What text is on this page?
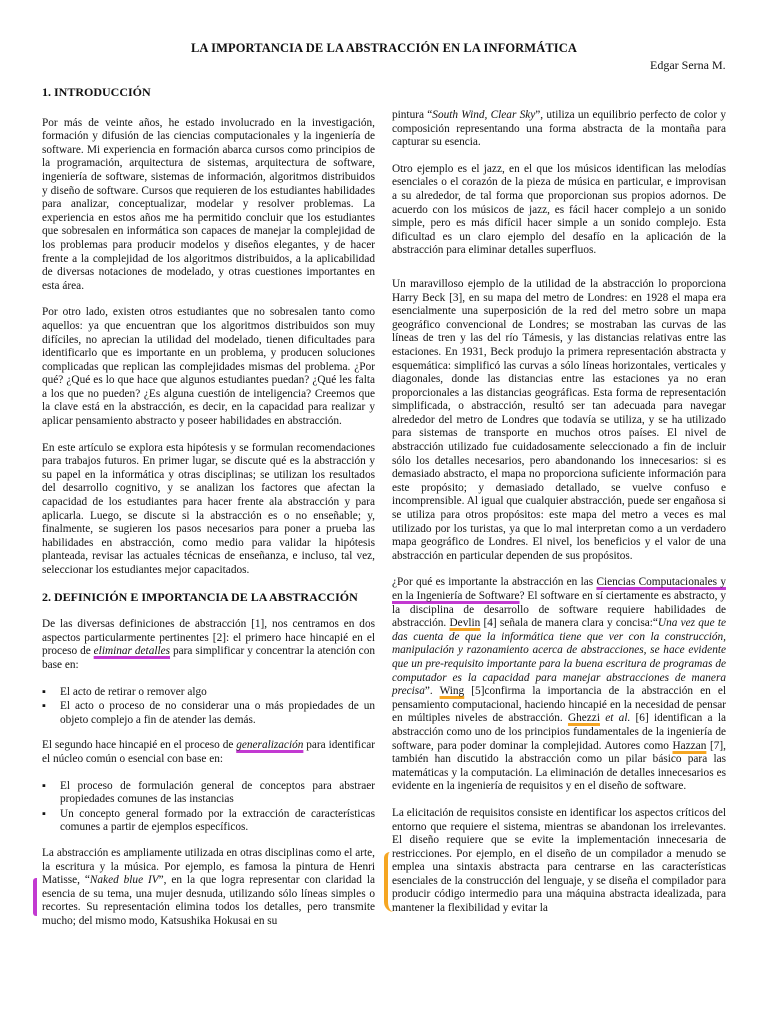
LA IMPORTANCIA DE LA ABSTRACCIÓN EN LA INFORMÁTICA
Edgar Serna M.
1. INTRODUCCIÓN

Por más de veinte años, he estado involucrado en la investigación, formación y difusión de las ciencias computacionales y la ingeniería de software. Mi experiencia en formación abarca cursos como principios de la programación, arquitectura de sistemas, arquitectura de software, ingeniería de software, sistemas de información, algoritmos distribuidos y diseño de software. Cursos que requieren de los estudiantes habilidades para analizar, conceptualizar, modelar y resolver problemas. La experiencia en estos años me ha permitido concluir que los estudiantes que sobresalen en informática son capaces de manejar la complejidad de los problemas para producir modelos y diseños elegantes, y de hacer frente a la complejidad de los algoritmos distribuidos, a la aplicabilidad de diversas notaciones de modelado, y otras cuestiones importantes en esta área.

Por otro lado, existen otros estudiantes que no sobresalen tanto como aquellos: ya que encuentran que los algoritmos distribuidos son muy difíciles, no aprecian la utilidad del modelado, tienen dificultades para identificarlo que es importante en un problema, y producen soluciones complicadas que replican las complejidades mismas del problema. ¿Por qué? ¿Qué es lo que hace que algunos estudiantes puedan? ¿Qué les falta a los que no pueden? ¿Es alguna cuestión de inteligencia? Creemos que la clave está en la abstracción, es decir, en la capacidad para realizar y aplicar pensamiento abstracto y poseer habilidades en abstracción.

En este artículo se explora esta hipótesis y se formulan recomendaciones para trabajos futuros. En primer lugar, se discute qué es la abstracción y su papel en la informática y otras disciplinas; se utilizan los resultados del desarrollo cognitivo, y se analizan los factores que afectan la capacidad de los estudiantes para hacer frente ala abstracción y para aplicarla. Luego, se discute si la abstracción es o no enseñable; y, finalmente, se sugieren los pasos necesarios para poner a prueba las habilidades en abstracción, como medio para validar la hipótesis planteada, revisar las actuales técnicas de enseñanza, e incluso, tal vez, seleccionar los estudiantes mejor capacitados.

2. DEFINICIÓN E IMPORTANCIA DE LA ABSTRACCIÓN

De las diversas definiciones de abstracción [1], nos centramos en dos aspectos particularmente pertinentes [2]: el primero hace hincapié en el proceso de eliminar detalles para simplificar y concentrar la atención con base en:

▪ El acto de retirar o remover algo
▪ El acto o proceso de no considerar una o más propiedades de un objeto complejo a fin de atender las demás.

El segundo hace hincapié en el proceso de generalización para identificar el núcleo común o esencial con base en:

▪ El proceso de formulación general de conceptos para abstraer propiedades comunes de las instancias
▪ Un concepto general formado por la extracción de características comunes a partir de ejemplos específicos.

La abstracción es ampliamente utilizada en otras disciplinas como el arte, la escritura y la música. Por ejemplo, es famosa la pintura de Henri Matisse, “Naked blue IV”, en la que logra representar con claridad la esencia de su tema, una mujer desnuda, utilizando sólo líneas simples o recortes. Su representación elimina todos los detalles, pero transmite mucho; del mismo modo, Katsushika Hokusai en su

pintura “South Wind, Clear Sky”, utiliza un equilibrio perfecto de color y composición representando una forma abstracta de la montaña para capturar su esencia.

Otro ejemplo es el jazz, en el que los músicos identifican las melodías esenciales o el corazón de la pieza de música en particular, e improvisan a su alrededor, de tal forma que proporcionan sus propios adornos. De acuerdo con los músicos de jazz, es fácil hacer complejo a un sonido simple, pero es más difícil hacer simple a un sonido complejo. Esta dificultad es un claro ejemplo del desafío en la aplicación de la abstracción para eliminar detalles superfluos.

Un maravilloso ejemplo de la utilidad de la abstracción lo proporciona Harry Beck [3], en su mapa del metro de Londres: en 1928 el mapa era esencialmente una superposición de la red del metro sobre un mapa geográfico convencional de Londres; se mostraban las curvas de las líneas de tren y las del río Támesis, y las distancias relativas entre las estaciones. En 1931, Beck produjo la primera representación abstracta y esquemática: simplificó las curvas a sólo líneas horizontales, verticales y diagonales, donde las distancias entre las estaciones ya no eran proporcionales a las distancias geográficas. Esta forma de representación simplificada, o abstracción, resultó ser tan adecuada para navegar alrededor del metro de Londres que todavía se utiliza, y se ha utilizado para sistemas de transporte en muchos otros países. El nivel de abstracción utilizado fue cuidadosamente seleccionado a fin de incluir sólo los detalles necesarios, pero abandonando los innecesarios: si es demasiado abstracto, el mapa no proporciona suficiente información para este propósito; y demasiado detallado, se vuelve confuso e incomprensible. Al igual que cualquier abstracción, puede ser engañosa si se utiliza para otros propósitos: este mapa del metro a veces es mal utilizado por los turistas, ya que lo mal interpretan como a un verdadero mapa geográfico de Londres. El nivel, los beneficios y el valor de una abstracción en particular dependen de sus propósitos.

¿Por qué es importante la abstracción en las Ciencias Computacionales y en la Ingeniería de Software? El software en sí ciertamente es abstracto, y la disciplina de desarrollo de software requiere habilidades de abstracción. Devlin [4] señala de manera clara y concisa:“Una vez que te das cuenta de que la informática tiene que ver con la construcción, manipulación y razonamiento acerca de abstracciones, se hace evidente que un pre-requisito importante para la buena escritura de programas de computador es la capacidad para manejar abstracciones de manera precisa”. Wing [5]confirma la importancia de la abstracción en el pensamiento computacional, haciendo hincapié en la necesidad de pensar en múltiples niveles de abstracción. Ghezzi et al. [6] identifican a la abstracción como uno de los principios fundamentales de la ingeniería de software, para poder dominar la complejidad. Autores como Hazzan [7], también han discutido la abstracción como un pilar básico para las matemáticas y la computación. La eliminación de detalles innecesarios es evidente en la ingeniería de requisitos y en el diseño de software.

La elicitación de requisitos consiste en identificar los aspectos críticos del entorno que requiere el sistema, mientras se abandonan los irrelevantes. El diseño requiere que se evite la implementación innecesaria de restricciones. Por ejemplo, en el diseño de un compilador a menudo se emplea una sintaxis abstracta para centrarse en las características esenciales de la construcción del lenguaje, y se diseña el compilador para producir código intermedio para una máquina abstracta idealizada, para mantener la flexibilidad y evitar la
